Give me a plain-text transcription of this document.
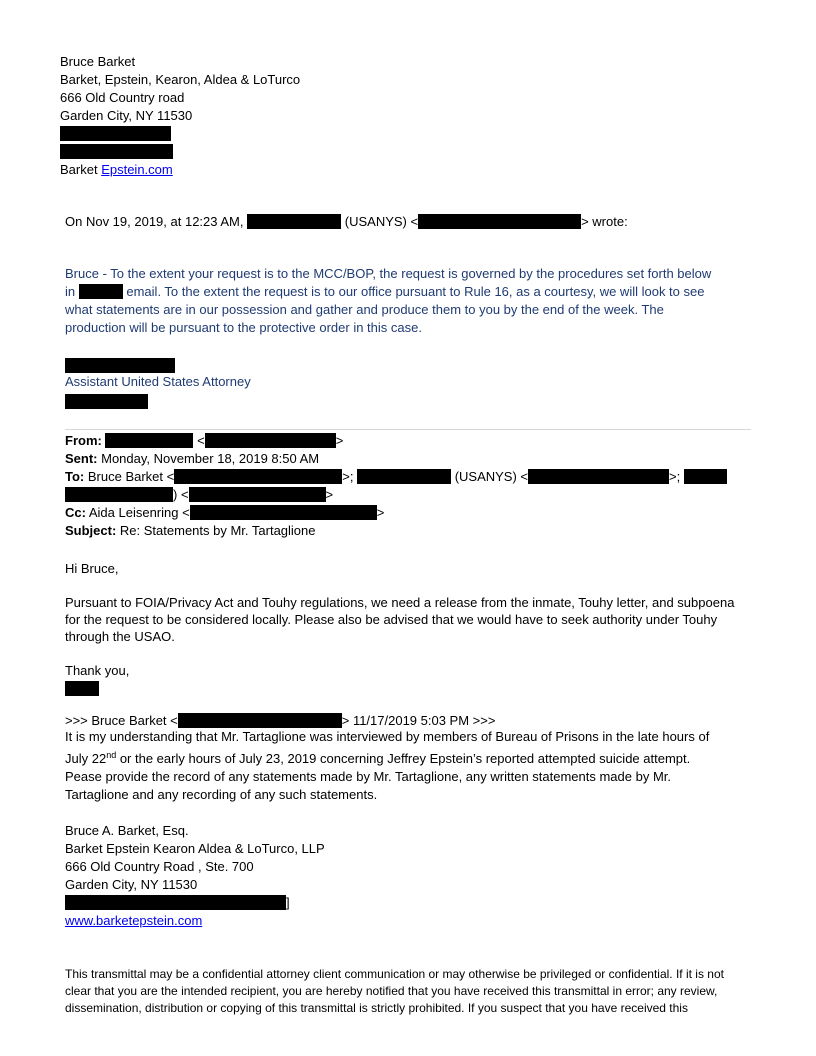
Bruce Barket
Barket, Epstein, Kearon, Aldea & LoTurco
666 Old Country road
Garden City, NY 11530
Barket Epstein.com
On Nov 19, 2019, at 12:23 AM,	(USANYS) <	> wrote:
Bruce - To the extent your request is to the MCC/BOP, the request is governed by the procedures set forth below
in	email. To the extent the request is to our office pursuant to Rule 16, as a courtesy, we will look to see
what statements are in our possession and gather and produce them to you by the end of the week. The
production will be pursuant to the protective order in this case.
Assistant United States Attorney
From:	<	>
Sent: Monday, November 18, 2019 8:50 AM
To: Bruce Barket <	>;	(USANYS) <	>;
) <	>
Cc: Aida Leisenring <	>
Subject: Re: Statements by Mr. Tartaglione
Hi Bruce,
Pursuant to FOIA/Privacy Act and Touhy regulations, we need a release from the inmate, Touhy letter, and subpoena
for the request to be considered locally. Please also be advised that we would have to seek authority under Touhy
through the USAO.
Thank you,
>>> Bruce Barket <	> 11/17/2019 5:03 PM >>>
It is my understanding that Mr. Tartaglione was interviewed by members of Bureau of Prisons in the late hours of
July 22nd or the early hours of July 23, 2019 concerning Jeffrey Epstein’s reported attempted suicide attempt.
Pease provide the record of any statements made by Mr. Tartaglione, any written statements made by Mr.
Tartaglione and any recording of any such statements.
Bruce A. Barket, Esq.
Barket Epstein Kearon Aldea & LoTurco, LLP
666 Old Country Road , Ste. 700
Garden City, NY 11530
]
www.barketepstein.com
This transmittal may be a confidential attorney client communication or may otherwise be privileged or confidential. If it is not
clear that you are the intended recipient, you are hereby notified that you have received this transmittal in error; any review,
dissemination, distribution or copying of this transmittal is strictly prohibited. If you suspect that you have received this
